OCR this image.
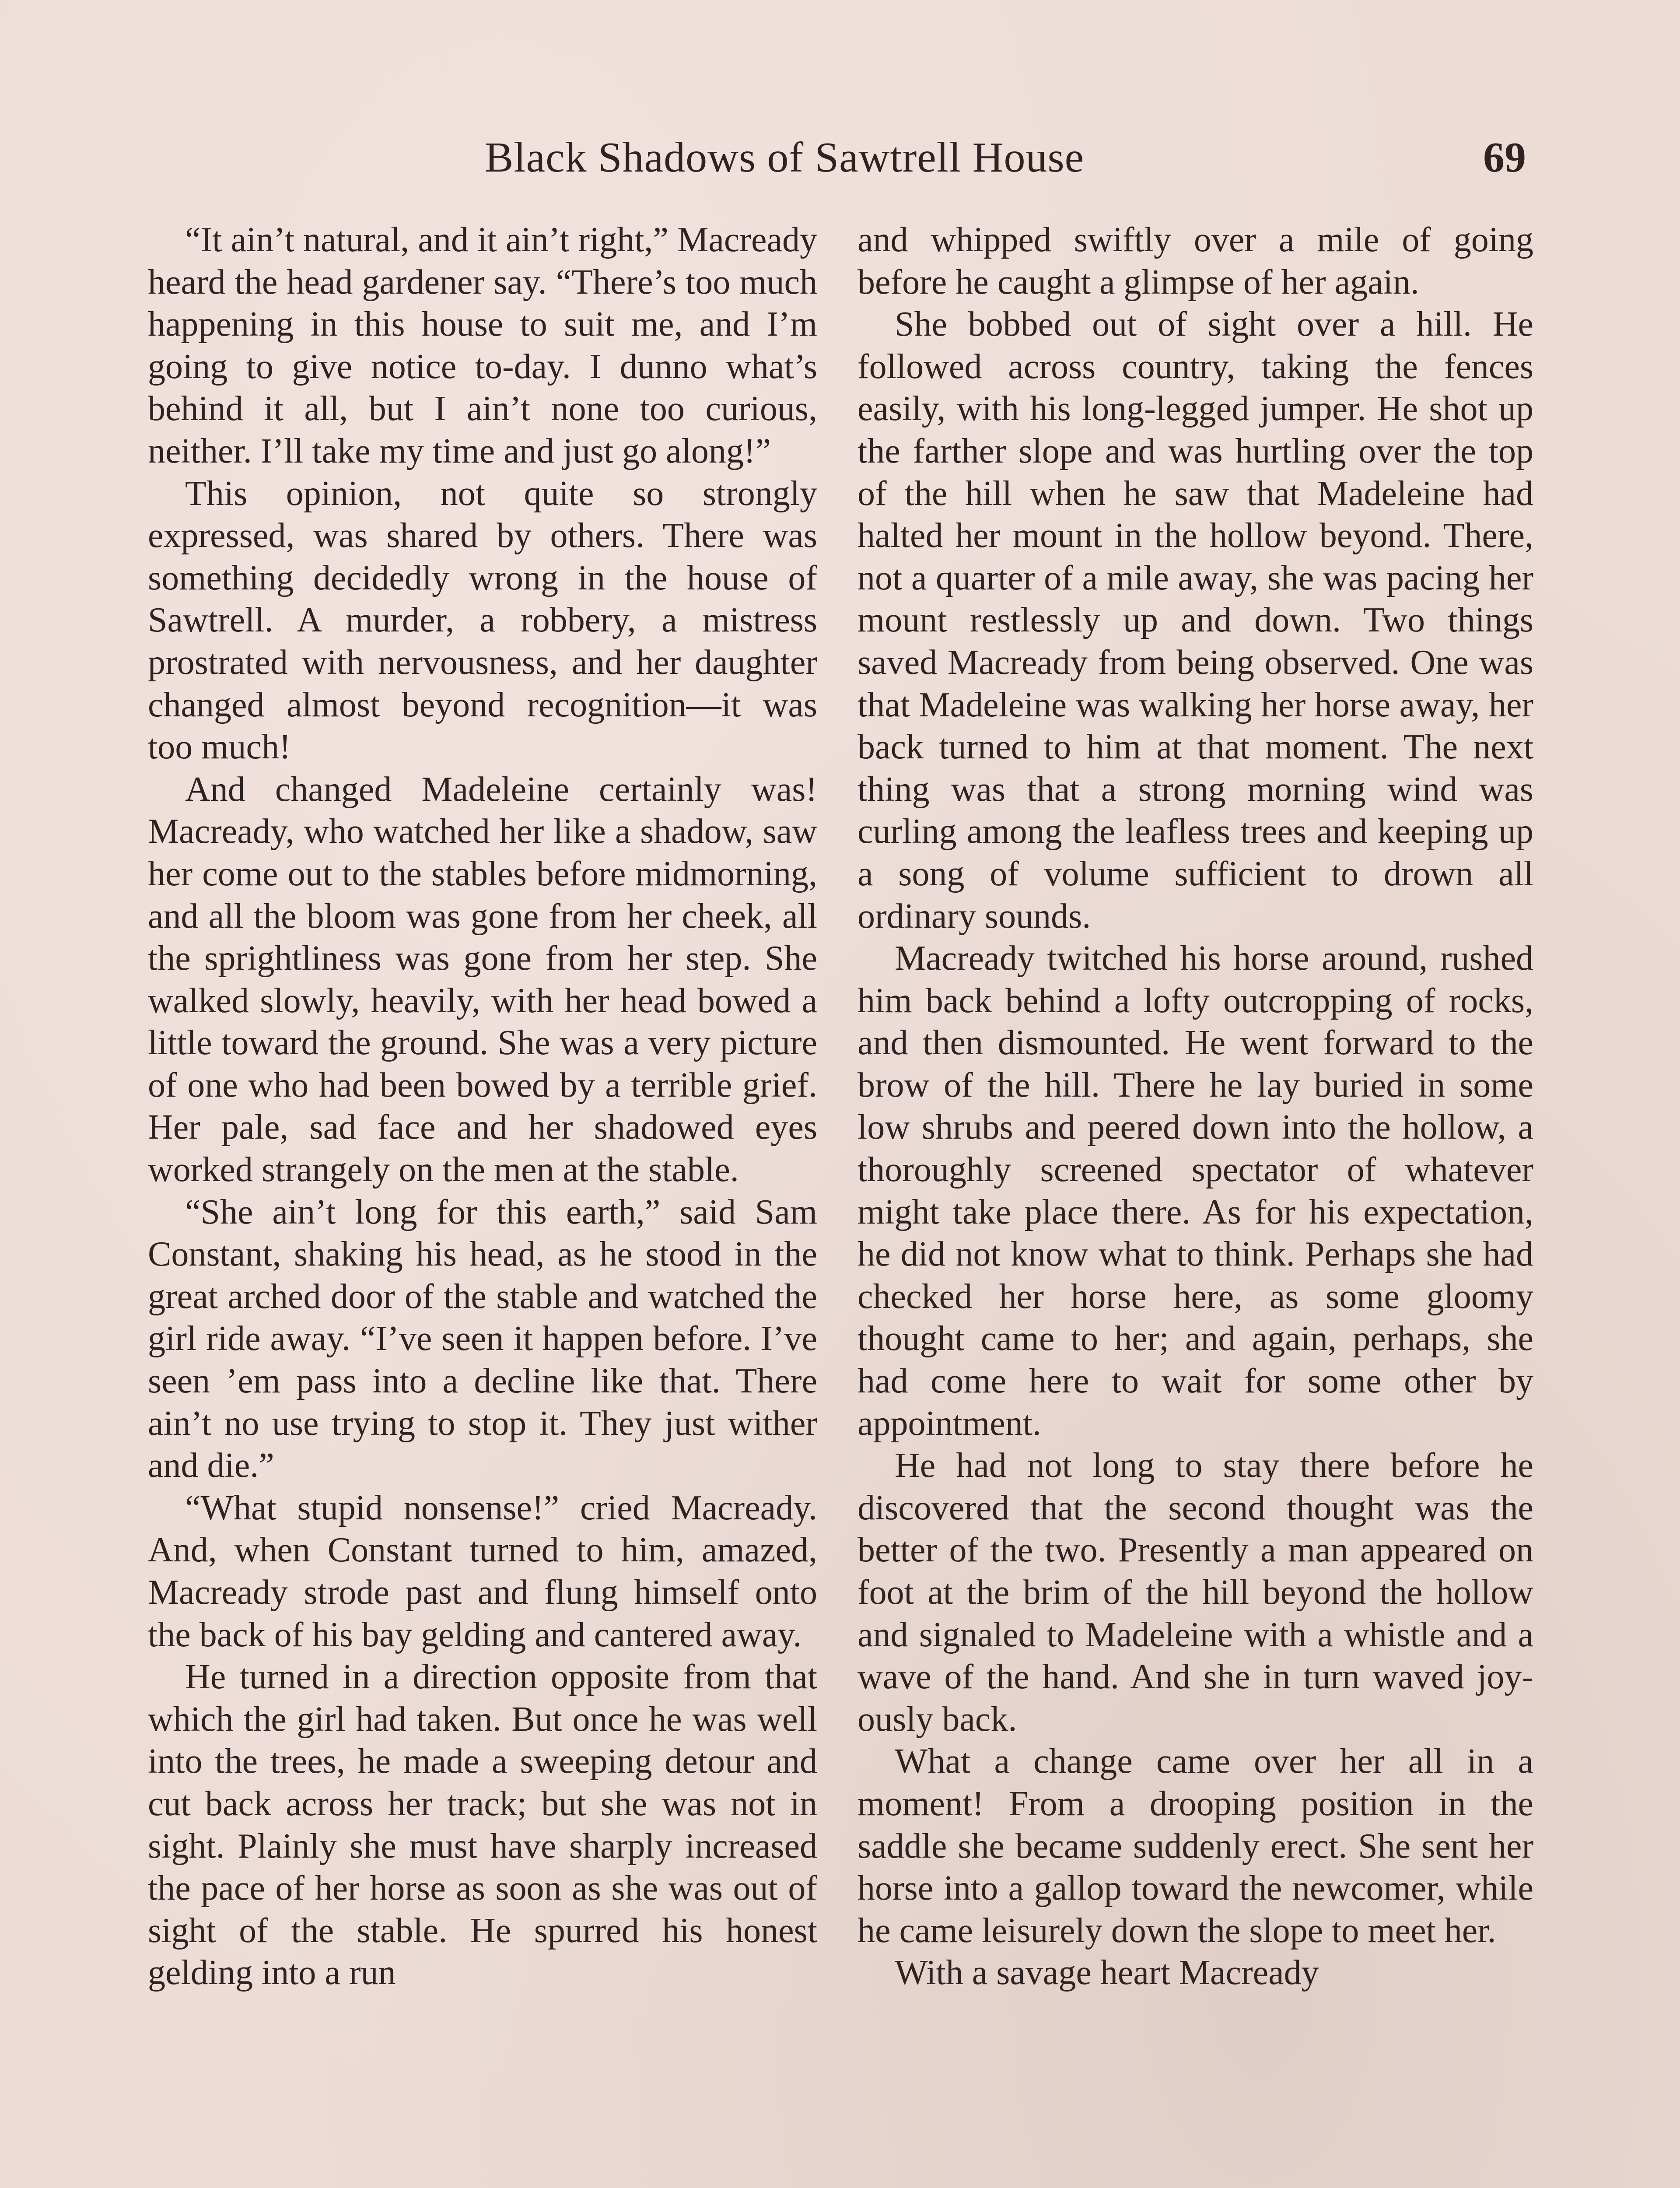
Black Shadows of Sawtrell House	69

“It ain’t natural, and it ain’t right,” Macready heard the head gardener say. “There’s too much happening in this house to suit me, and I’m going to give notice to-day. I dunno what’s behind it all, but I ain’t none too curious, neither. I’ll take my time and just go along!”

This opinion, not quite so strongly expressed, was shared by others. There was something decidedly wrong in the house of Sawtrell. A murder, a robbery, a mistress prostrated with nervousness, and her daughter changed almost beyond recognition—it was too much!

And changed Madeleine certainly was! Macready, who watched her like a shadow, saw her come out to the stables before midmorning, and all the bloom was gone from her cheek, all the sprightliness was gone from her step. She walked slowly, heavily, with her head bowed a little toward the ground. She was a very picture of one who had been bowed by a terrible grief. Her pale, sad face and her shadowed eyes worked strangely on the men at the stable.

“She ain’t long for this earth,” said Sam Constant, shaking his head, as he stood in the great arched door of the stable and watched the girl ride away. “I’ve seen it happen before. I’ve seen ’em pass into a decline like that. There ain’t no use trying to stop it. They just wither and die.”

“What stupid nonsense!” cried Macready. And, when Constant turned to him, amazed, Macready strode past and flung himself onto the back of his bay gelding and cantered away.

He turned in a direction opposite from that which the girl had taken. But once he was well into the trees, he made a sweeping detour and cut back across her track; but she was not in sight. Plainly she must have sharply increased the pace of her horse as soon as she was out of sight of the stable. He spurred his honest gelding into a run

and whipped swiftly over a mile of going before he caught a glimpse of her again.

She bobbed out of sight over a hill. He followed across country, taking the fences easily, with his long-legged jumper. He shot up the farther slope and was hurtling over the top of the hill when he saw that Madeleine had halted her mount in the hollow beyond. There, not a quarter of a mile away, she was pacing her mount restlessly up and down. Two things saved Macready from being observed. One was that Madeleine was walking her horse away, her back turned to him at that moment. The next thing was that a strong morning wind was curling among the leafless trees and keeping up a song of volume sufficient to drown all ordinary sounds.

Macready twitched his horse around, rushed him back behind a lofty outcropping of rocks, and then dismounted. He went forward to the brow of the hill. There he lay buried in some low shrubs and peered down into the hollow, a thoroughly screened spectator of whatever might take place there. As for his expectation, he did not know what to think. Perhaps she had checked her horse here, as some gloomy thought came to her; and again, perhaps, she had come here to wait for some other by appointment.

He had not long to stay there before he discovered that the second thought was the better of the two. Presently a man appeared on foot at the brim of the hill beyond the hollow and signaled to Madeleine with a whistle and a wave of the hand. And she in turn waved joyously back.

What a change came over her all in a moment! From a drooping position in the saddle she became suddenly erect. She sent her horse into a gallop toward the newcomer, while he came leisurely down the slope to meet her.

With a savage heart Macready
